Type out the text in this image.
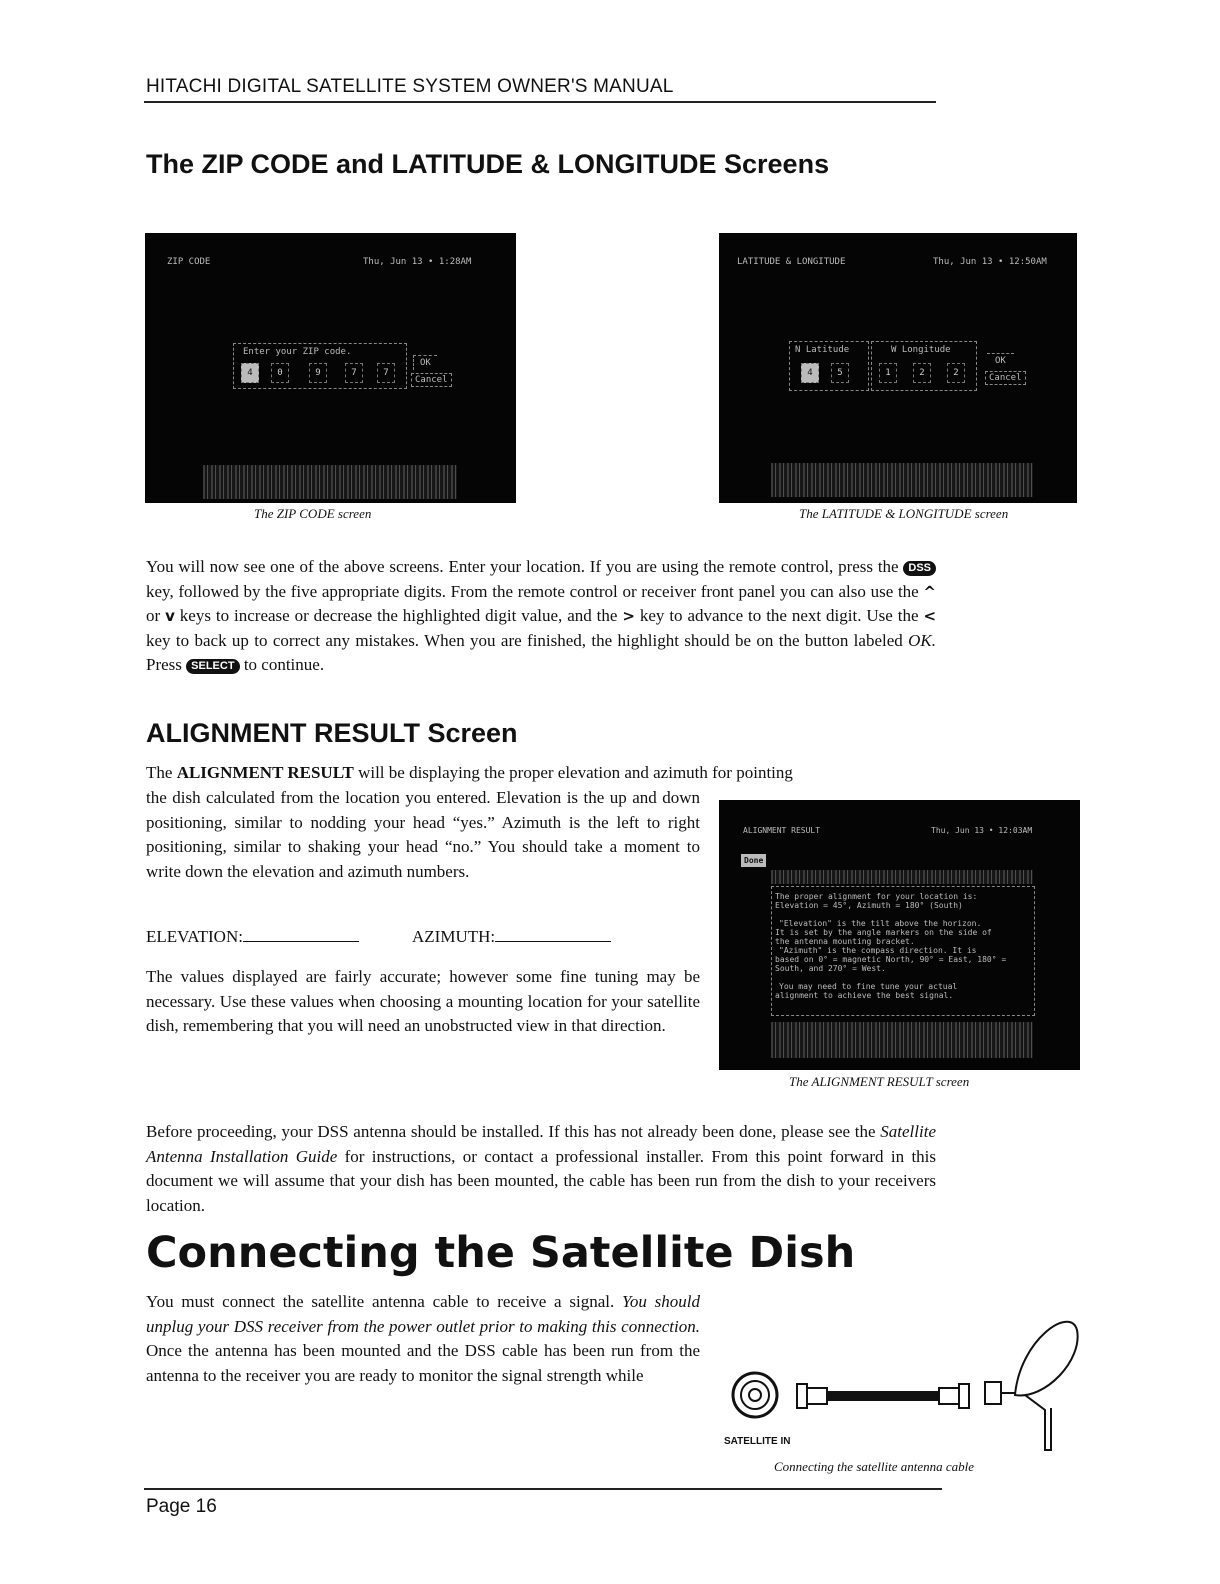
HITACHI DIGITAL SATELLITE SYSTEM OWNER'S MANUAL
The ZIP CODE and LATITUDE & LONGITUDE Screens
ZIP CODE	Thu, Jun 13 • 1:28AM
Enter your ZIP code.
4	0	9	7	7
OK
Cancel
The ZIP CODE screen
LATITUDE & LONGITUDE	Thu, Jun 13 • 12:50AM
N Latitude	W Longitude
4	5	1	2	2
OK
Cancel
The LATITUDE & LONGITUDE screen
You will now see one of the above screens. Enter your location. If you are using the remote control, press the DSS key, followed by the five appropriate digits. From the remote control or receiver front panel you can also use the ^ or v keys to increase or decrease the highlighted digit value, and the > key to advance to the next digit. Use the < key to back up to correct any mistakes. When you are finished, the highlight should be on the button labeled OK. Press SELECT to continue.
ALIGNMENT RESULT Screen
The ALIGNMENT RESULT will be displaying the proper elevation and azimuth for pointing
the dish calculated from the location you entered. Elevation is the up and down positioning, similar to nodding your head “yes.” Azimuth is the left to right positioning, similar to shaking your head “no.” You should take a moment to write down the elevation and azimuth numbers.
ELEVATION:	AZIMUTH:
The values displayed are fairly accurate; however some fine tuning may be necessary. Use these values when choosing a mounting location for your satellite dish, remembering that you will need an unobstructed view in that direction.
ALIGNMENT RESULT	Thu, Jun 13 • 12:03AM
Done
The proper alignment for your location is:
Elevation = 45°, Azimuth = 180° (South)
"Elevation" is the tilt above the horizon.
It is set by the angle markers on the side of
the antenna mounting bracket.
"Azimuth" is the compass direction. It is
based on 0° = magnetic North, 90° = East, 180° =
South, and 270° = West.
You may need to fine tune your actual
alignment to achieve the best signal.
The ALIGNMENT RESULT screen
Before proceeding, your DSS antenna should be installed. If this has not already been done, please see the Satellite Antenna Installation Guide for instructions, or contact a professional installer. From this point forward in this document we will assume that your dish has been mounted, the cable has been run from the dish to your receivers location.
Connecting the Satellite Dish
You must connect the satellite antenna cable to receive a signal. You should unplug your DSS receiver from the power outlet prior to making this connection. Once the antenna has been mounted and the DSS cable has been run from the antenna to the receiver you are ready to monitor the signal strength while
SATELLITE IN
Connecting the satellite antenna cable
Page 16
